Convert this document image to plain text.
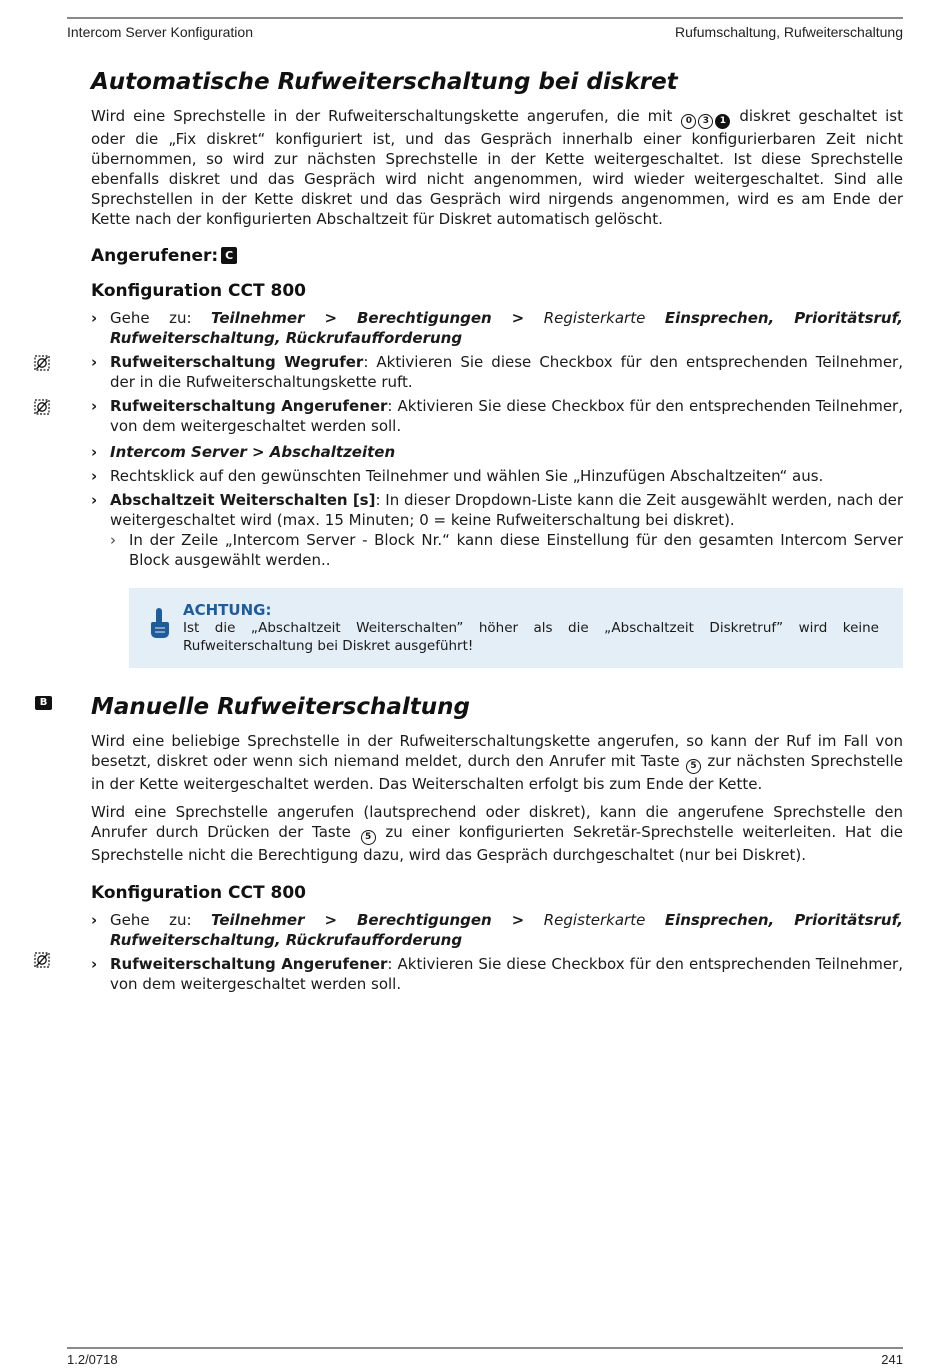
Intercom Server Konfiguration	Rufumschaltung, Rufweiterschaltung
B
Automatische Rufweiterschaltung bei diskret

Wird eine Sprechstelle in der Rufweiterschaltungskette angerufen, die mit 0 3 1 diskret geschaltet ist oder die „Fix diskret“ konfiguriert ist, und das Gespräch innerhalb einer konfigurierbaren Zeit nicht übernommen, so wird zur nächsten Sprechstelle in der Kette weitergeschaltet. Ist diese Sprechstelle ebenfalls diskret und das Gespräch wird nicht angenommen, wird wieder weitergeschaltet. Sind alle Sprechstellen in der Kette diskret und das Gespräch wird nirgends angenommen, wird es am Ende der Kette nach der konfigurierten Abschaltzeit für Diskret automatisch gelöscht.

Angerufener: C
Konfiguration CCT 800
› Gehe zu: Teilnehmer > Berechtigungen > Registerkarte Einsprechen, Prioritätsruf, Rufweiterschaltung, Rückrufaufforderung
› Rufweiterschaltung Wegrufer: Aktivieren Sie diese Checkbox für den entsprechenden Teilnehmer, der in die Rufweiterschaltungskette ruft.
› Rufweiterschaltung Angerufener: Aktivieren Sie diese Checkbox für den entsprechenden Teilnehmer, von dem weitergeschaltet werden soll.
› Intercom Server > Abschaltzeiten
› Rechtsklick auf den gewünschten Teilnehmer und wählen Sie „Hinzufügen Abschaltzeiten“ aus.
› Abschaltzeit Weiterschalten [s]: In dieser Dropdown-Liste kann die Zeit ausgewählt werden, nach der weitergeschaltet wird (max. 15 Minuten; 0 = keine Rufweiterschaltung bei diskret).
› In der Zeile „Intercom Server - Block Nr.“ kann diese Einstellung für den gesamten Intercom Server Block ausgewählt werden..
ACHTUNG:
Ist die „Abschaltzeit Weiterschalten” höher als die „Abschaltzeit Diskretruf” wird keine Rufweiterschaltung bei Diskret ausgeführt!
Manuelle Rufweiterschaltung

Wird eine beliebige Sprechstelle in der Rufweiterschaltungskette angerufen, so kann der Ruf im Fall von besetzt, diskret oder wenn sich niemand meldet, durch den Anrufer mit Taste 5 zur nächsten Sprechstelle in der Kette weitergeschaltet werden. Das Weiterschalten erfolgt bis zum Ende der Kette.

Wird eine Sprechstelle angerufen (lautsprechend oder diskret), kann die angerufene Sprechstelle den Anrufer durch Drücken der Taste 5 zu einer konfigurierten Sekretär-Sprechstelle weiterleiten. Hat die Sprechstelle nicht die Berechtigung dazu, wird das Gespräch durchgeschaltet (nur bei Diskret).

Konfiguration CCT 800
› Gehe zu: Teilnehmer > Berechtigungen > Registerkarte Einsprechen, Prioritätsruf, Rufweiterschaltung, Rückrufaufforderung
› Rufweiterschaltung Angerufener: Aktivieren Sie diese Checkbox für den entsprechenden Teilnehmer, von dem weitergeschaltet werden soll.
1.2/0718	241
